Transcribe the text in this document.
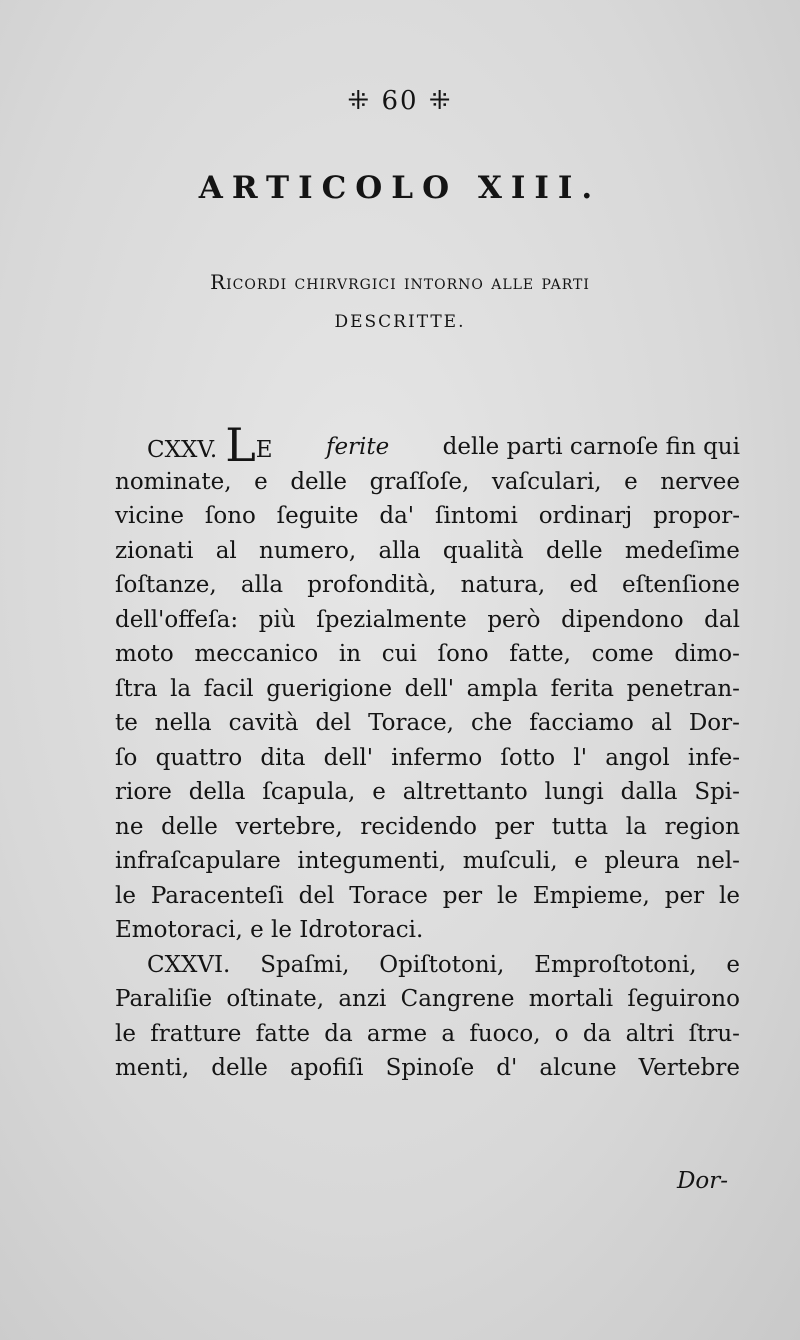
⁜ 60 ⁜
ARTICOLO XIII.
Ricordi chirvrgici intorno alle parti
DESCRITTE.
CXXV. LE ferite delle parti carnoſe fin qui
nominate, e delle graſſoſe, vaſculari, e nervee
vicine ſono ſeguite da' ſintomi ordinarj propor-
zionati al numero, alla qualità delle medeſime
ſoſtanze, alla profondità, natura, ed eſtenſione
dell'offeſa: più ſpezialmente però dipendono dal
moto meccanico in cui ſono fatte, come dimo-
ſtra la facil guerigione dell' ampla ferita penetran-
te nella cavità del Torace, che facciamo al Dor-
ſo quattro dita dell' infermo ſotto l' angol infe-
riore della ſcapula, e altrettanto lungi dalla Spi-
ne delle vertebre, recidendo per tutta la region
infraſcapulare integumenti, muſculi, e pleura nel-
le Paracenteſi del Torace per le Empieme, per le
Emotoraci, e le Idrotoraci.
CXXVI. Spaſmi, Opiſtotoni, Emproſtotoni, e
Paraliſie oſtinate, anzi Cangrene mortali ſeguirono
le fratture fatte da arme a fuoco, o da altri ſtru-
menti, delle apofiſi Spinoſe d' alcune Vertebre
Dor-
